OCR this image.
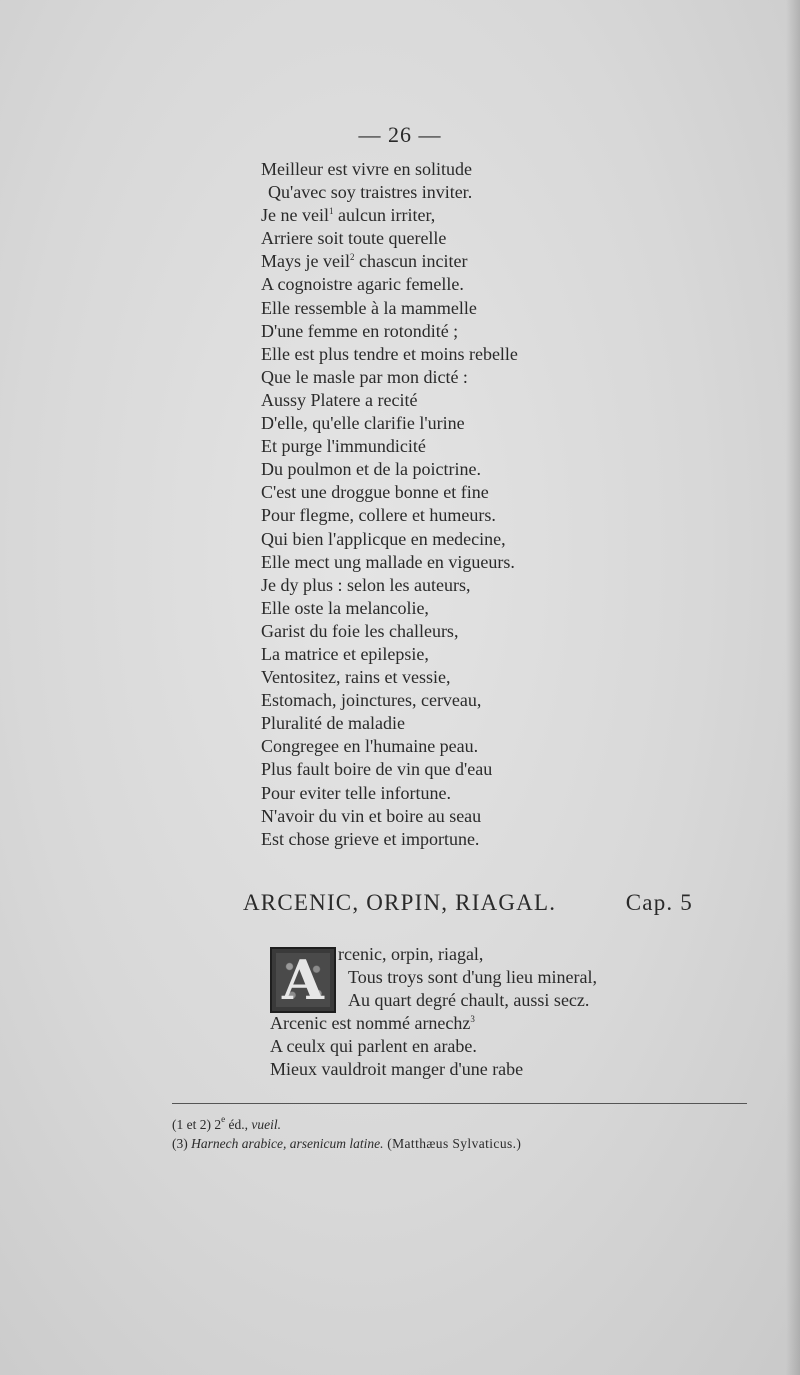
— 26 —
Meilleur est vivre en solitude
Qu'avec soy traistres inviter.
Je ne veil$^1$ aulcun irriter,
Arriere soit toute querelle
Mays je veil$^2$ chascun inciter
A cognoistre agaric femelle.
Elle ressemble à la mammelle
D'une femme en rotondité ;
Elle est plus tendre et moins rebelle
Que le masle par mon dicté :
Aussy Platere a recité
D'elle, qu'elle clarifie l'urine
Et purge l'immundicité
Du poulmon et de la poictrine.
C'est une droggue bonne et fine
Pour flegme, collere et humeurs.
Qui bien l'applicque en medecine,
Elle mect ung mallade en vigueurs.
Je dy plus : selon les auteurs,
Elle oste la melancolie,
Garist du foie les challeurs,
La matrice et epilepsie,
Ventositez, rains et vessie,
Estomach, joinctures, cerveau,
Pluralité de maladie
Congregee en l'humaine peau.
Plus fault boire de vin que d'eau
Pour eviter telle infortune.
N'avoir du vin et boire au seau
Est chose grieve et importune.
ARCENIC, ORPIN, RIAGAL.	Cap. 5
A rcenic, orpin, riagal,
Tous troys sont d'ung lieu mineral,
Au quart degré chault, aussi secz.
Arcenic est nommé arnechz$^3$
A ceulx qui parlent en arabe.
Mieux vauldroit manger d'une rabe
(1 et 2) 2e éd., vueil.
(3) Harnech arabice, arsenicum latine. (Matthæus Sylvaticus.)
